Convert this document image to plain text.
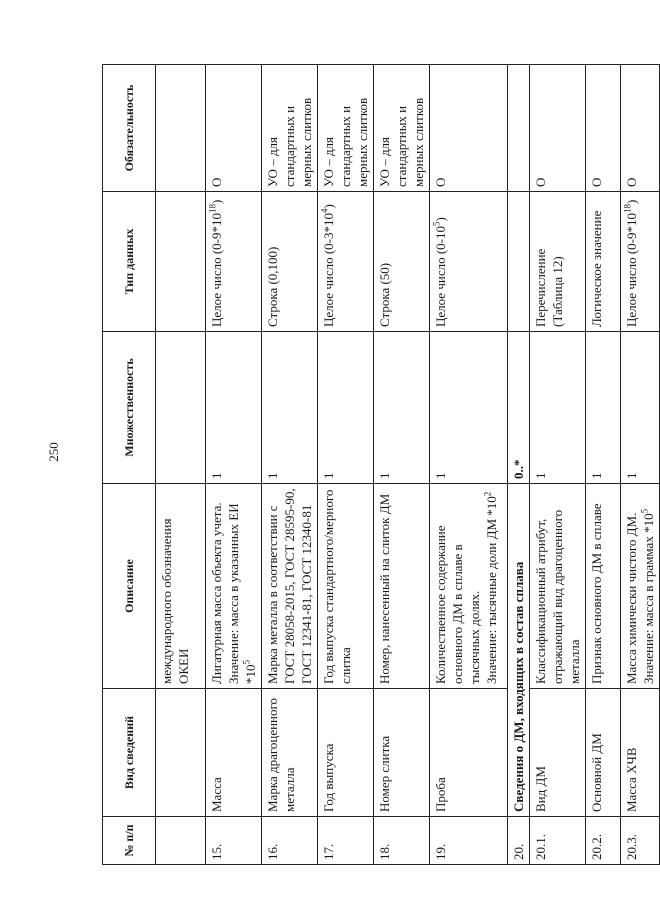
250
№ п/п	Вид сведений	Описание	Множественность	Тип данных	Обязательность
		международного обозначения ОКЕИ			
15.	Масса	Лигатурная масса объекта учета. Значение: масса в указанных ЕИ $*10^5$	1	Целое число $(0-9*10^{18})$	О
16.	Марка драгоценного металла	Марка металла в соответствии с ГОСТ 28058-2015, ГОСТ 28595-90, ГОСТ 12341-81, ГОСТ 12340-81	1	Строка (0,100)	УО – для стандартных и мерных слитков
17.	Год выпуска	Год выпуска стандартного/мерного слитка	1	Целое число $(0-3*10^4)$	УО – для стандартных и мерных слитков
18.	Номер слитка	Номер, нанесенный на слиток ДМ	1	Строка (50)	УО – для стандартных и мерных слитков
19.	Проба	Количественное содержание основного ДМ в сплаве в тысячных долях. Значение: тысячные доли ДМ $*10^2$	1	Целое число $(0-10^5)$	О
20.	Сведения о ДМ, входящих в состав сплава		0..*		
20.1.	Вид ДМ	Классификационный атрибут, отражающий вид драгоценного металла	1	Перечисление (Таблица 12)	О
20.2.	Основной ДМ	Признак основного ДМ в сплаве	1	Логическое значение	О
20.3.	Масса ХЧВ	Масса химически чистого ДМ. Значение: масса в граммах $*10^5$	1	Целое число $(0-9*10^{18})$	О
